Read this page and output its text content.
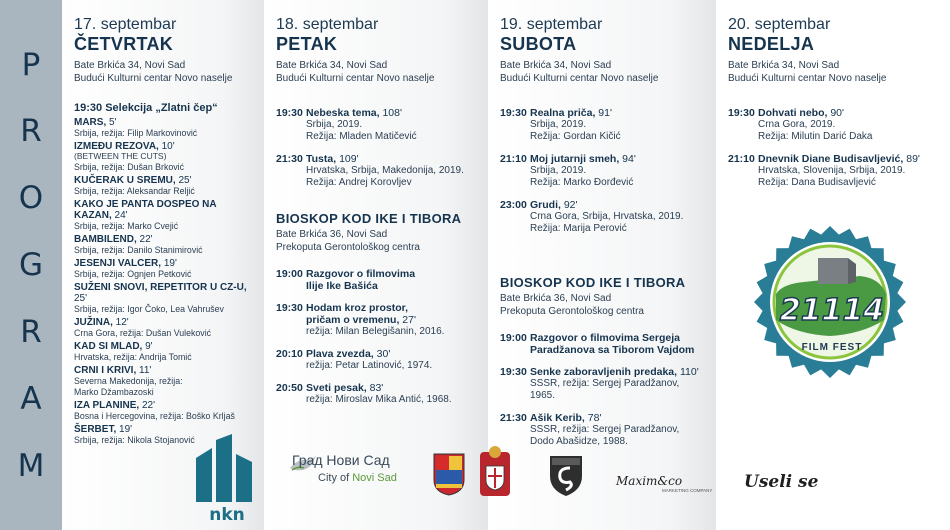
P
R
O
G
R
A
M
17. septembar
ČETVRTAK
Bate Brkića 34, Novi Sad
Budući Kulturni centar Novo naselje
19:30 Selekcija „Zlatni čep“
MARS, 5'
Srbija, režija: Filip Markovinović
IZMEĐU REZOVA, 10'
(BETWEEN THE CUTS)
Srbija, režija: Dušan Brković
KUČERAK U SREMU, 25'
Srbija, režija: Aleksandar Reljić
KAKO JE PANTA DOSPEO NA KAZAN, 24'
Srbija, režija: Marko Cvejić
BAMBILEND, 22'
Srbija, režija: Danilo Stanimirović
JESENJI VALCER, 19'
Srbija, režija: Ognjen Petković
SUŽENI SNOVI, REPETITOR U CZ-U, 25'
Srbija, režija: Igor Čoko, Lea Vahrušev
JUŽINA, 12'
Crna Gora, režija: Dušan Vuleković
KAD SI MLAD, 9'
Hrvatska, režija: Andrija Tomić
CRNI I KRIVI, 11'
Severna Makedonija, režija:
Marko Džambazoski
IZA PLANINE, 22'
Bosna i Hercegovina, režija: Boško Krljaš
ŠERBET, 19'
Srbija, režija: Nikola Stojanović
18. septembar
PETAK
Bate Brkića 34, Novi Sad
Budući Kulturni centar Novo naselje
19:30 Nebeska tema, 108'
Srbija, 2019.
Režija: Mladen Matičević
21:30 Tusta, 109'
Hrvatska, Srbija, Makedonija, 2019.
Režija: Andrej Korovljev
BIOSKOP KOD IKE I TIBORA
Bate Brkića 36, Novi Sad
Prekoputa Gerontološkog centra
19:00 Razgovor o filmovima
Ilije Ike Bašića
19:30 Hodam kroz prostor,
pričam o vremenu, 27'
režija: Milan Belegišanin, 2016.
20:10 Plava zvezda, 30'
režija: Petar Latinović, 1974.
20:50 Sveti pesak, 83'
režija: Miroslav Mika Antić, 1968.
19. septembar
SUBOTA
Bate Brkića 34, Novi Sad
Budući Kulturni centar Novo naselje
19:30 Realna priča, 91'
Srbija, 2019.
Režija: Gordan Kičić
21:10 Moj jutarnji smeh, 94'
Srbija, 2019.
Režija: Marko Đorđević
23:00 Grudi, 92'
Crna Gora, Srbija, Hrvatska, 2019.
Režija: Marija Perović
BIOSKOP KOD IKE I TIBORA
Bate Brkića 36, Novi Sad
Prekoputa Gerontološkog centra
19:00 Razgovor o filmovima Sergeja
Paradžanova sa Tiborom Vajdom
19:30 Senke zaboravljenih predaka, 110'
SSSR, režija: Sergej Paradžanov, 1965.
21:30 Ašik Kerib, 78'
SSSR, režija: Sergej Paradžanov,
Dodo Abašidze, 1988.
20. septembar
NEDELJA
Bate Brkića 34, Novi Sad
Budući Kulturni centar Novo naselje
19:30 Dohvati nebo, 90'
Crna Gora, 2019.
Režija: Milutin Darić Daka
21:10 Dnevnik Diane Budisavljević, 89'
Hrvatska, Slovenija, Srbija, 2019.
Režija: Dana Budisavljević
21114
FILM FEST
nkn
Град Нови Сад
City of Novi Sad	Maxim&co
MARKETING COMPANY Useli se
